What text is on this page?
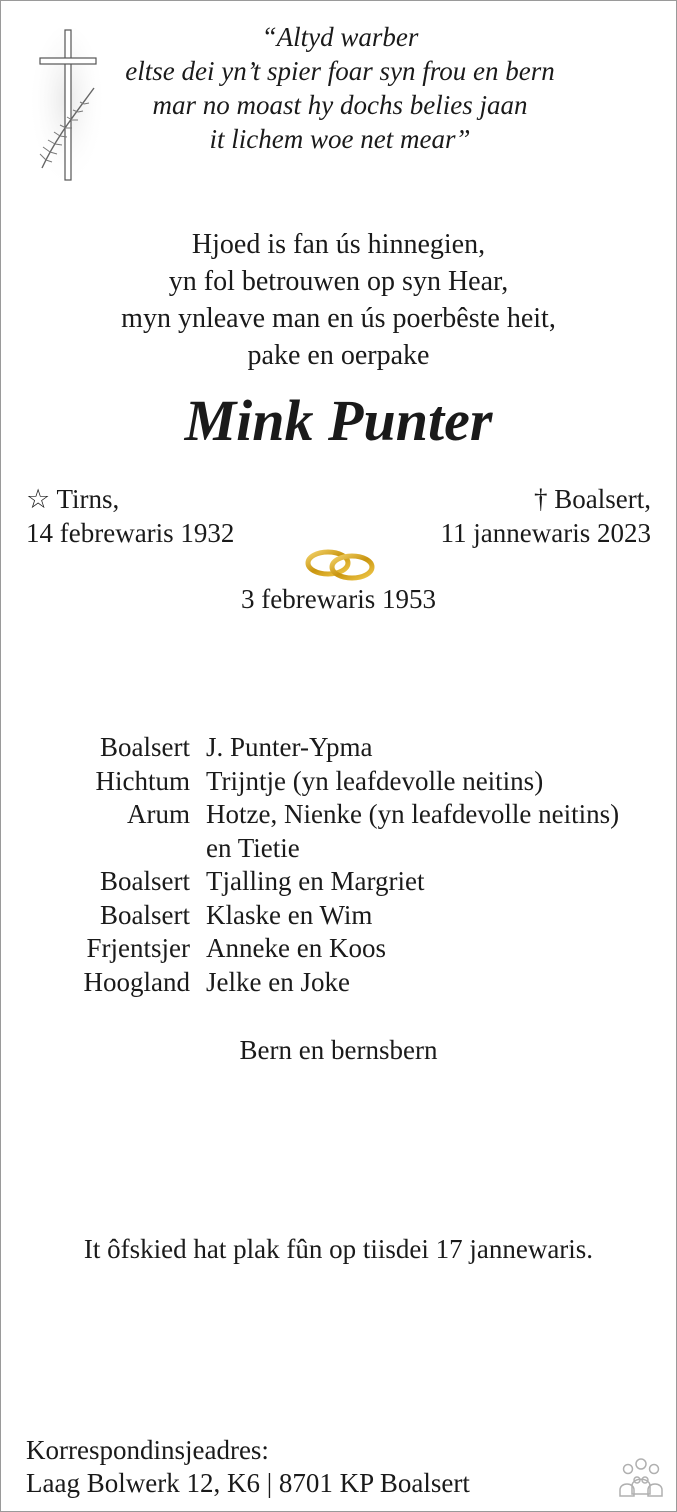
“Altyd warber
eltse dei yn’t spier foar syn frou en bern
mar no moast hy dochs belies jaan
it lichem woe net mear”
Hjoed is fan ús hinnegien,
yn fol betrouwen op syn Hear,
myn ynleave man en ús poerbêste heit,
pake en oerpake
Mink Punter
☆ Tirns,
14 febrewaris 1932
† Boalsert,
11 jannewaris 2023
3 febrewaris 1953
Boalsert J. Punter-Ypma
Hichtum Trijntje (yn leafdevolle neitins)
Arum Hotze, Nienke (yn leafdevolle neitins)
en Tietie
Boalsert Tjalling en Margriet
Boalsert Klaske en Wim
Frjentsjer Anneke en Koos
Hoogland Jelke en Joke
Bern en bernsbern
It ôfskied hat plak fûn op tiisdei 17 jannewaris.
Korrespondinsjeadres:
Laag Bolwerk 12, K6 | 8701 KP Boalsert
